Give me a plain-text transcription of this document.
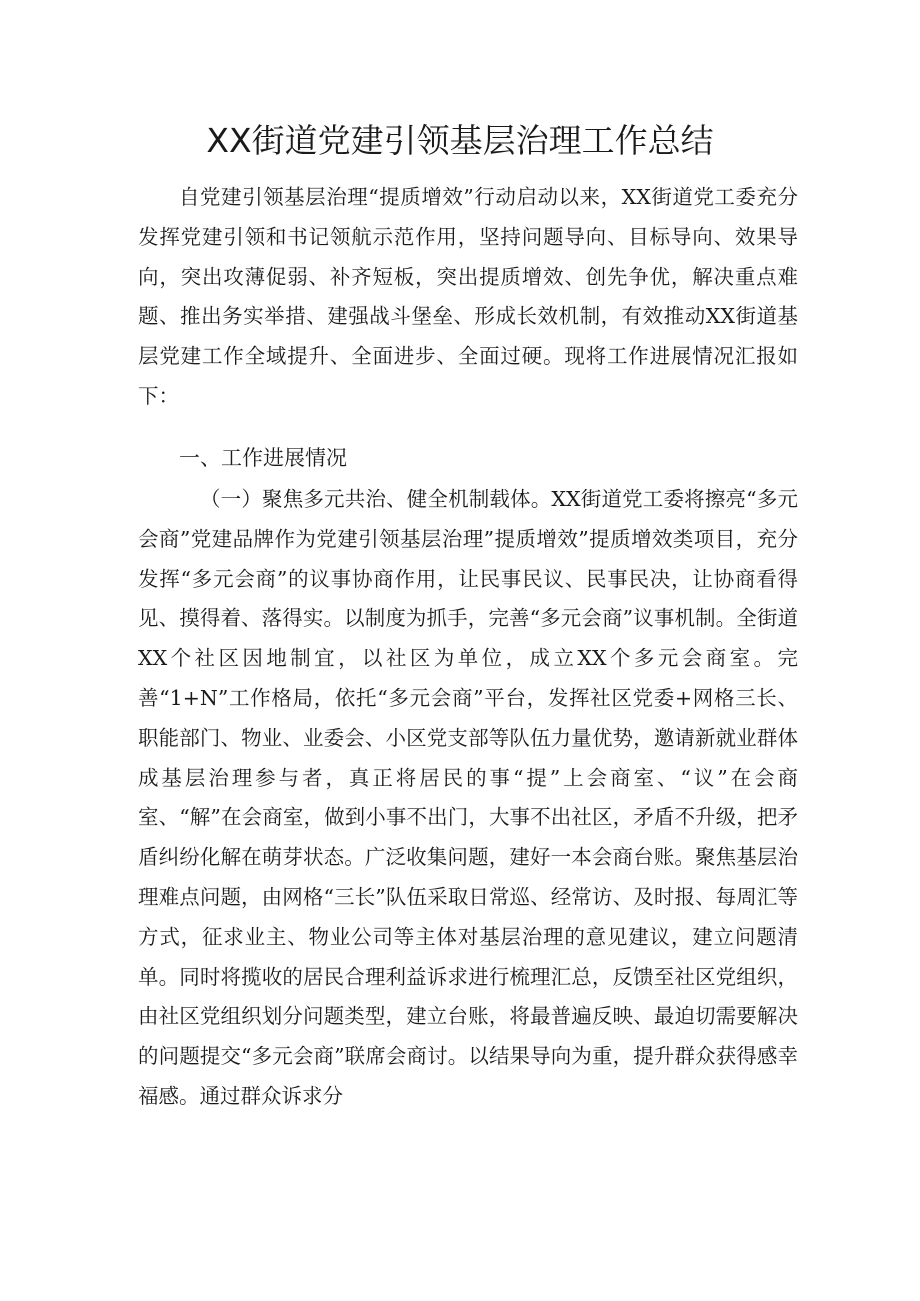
XX街道党建引领基层治理工作总结

自党建引领基层治理“提质增效”行动启动以来，XX街道党工委充分发挥党建引领和书记领航示范作用，坚持问题导向、目标导向、效果导向，突出攻薄促弱、补齐短板，突出提质增效、创先争优，解决重点难题、推出务实举措、建强战斗堡垒、形成长效机制，有效推动XX街道基层党建工作全域提升、全面进步、全面过硬。现将工作进展情况汇报如下：

一、工作进展情况

（一）聚焦多元共治、健全机制载体。XX街道党工委将擦亮“多元会商”党建品牌作为党建引领基层治理”提质增效”提质增效类项目，充分发挥“多元会商”的议事协商作用，让民事民议、民事民决，让协商看得见、摸得着、落得实。以制度为抓手，完善“多元会商”议事机制。全街道XX个社区因地制宜，以社区为单位，成立XX个多元会商室。完善“1+N”工作格局，依托“多元会商”平台，发挥社区党委+网格三长、职能部门、物业、业委会、小区党支部等队伍力量优势，邀请新就业群体成基层治理参与者，真正将居民的事“提”上会商室、“议”在会商室、“解”在会商室，做到小事不出门，大事不出社区，矛盾不升级，把矛盾纠纷化解在萌芽状态。广泛收集问题，建好一本会商台账。聚焦基层治理难点问题，由网格“三长”队伍采取日常巡、经常访、及时报、每周汇等方式，征求业主、物业公司等主体对基层治理的意见建议，建立问题清单。同时将揽收的居民合理利益诉求进行梳理汇总，反馈至社区党组织，由社区党组织划分问题类型，建立台账，将最普遍反映、最迫切需要解决的问题提交“多元会商”联席会商讨。以结果导向为重，提升群众获得感幸福感。通过群众诉求分
